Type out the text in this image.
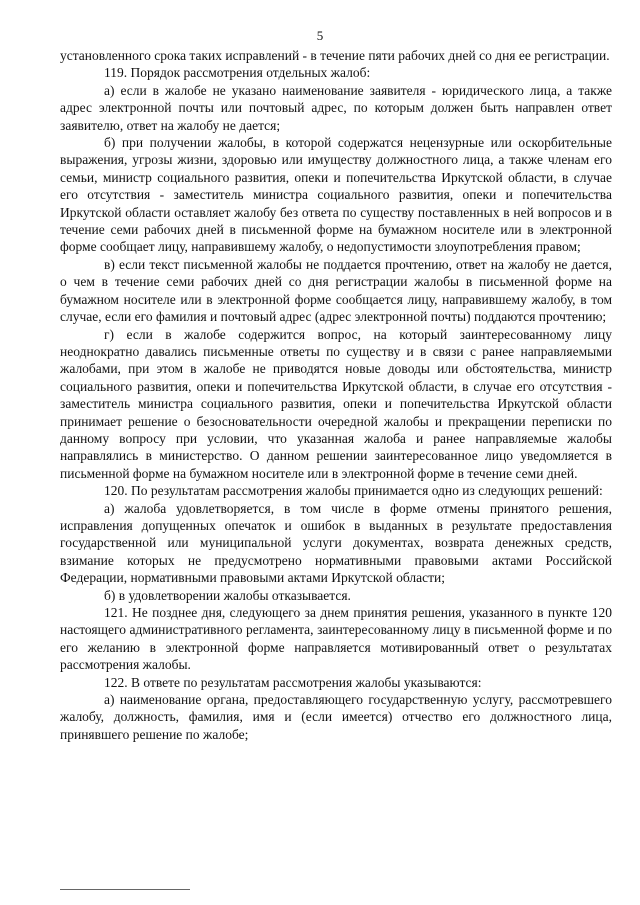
5

установленного срока таких исправлений - в течение пяти рабочих дней со дня ее регистрации.

119. Порядок рассмотрения отдельных жалоб:

а) если в жалобе не указано наименование заявителя - юридического лица, а также адрес электронной почты или почтовый адрес, по которым должен быть направлен ответ заявителю, ответ на жалобу не дается;

б) при получении жалобы, в которой содержатся нецензурные или оскорбительные выражения, угрозы жизни, здоровью или имуществу должностного лица, а также членам его семьи, министр социального развития, опеки и попечительства Иркутской области, в случае его отсутствия - заместитель министра социального развития, опеки и попечительства Иркутской области оставляет жалобу без ответа по существу поставленных в ней вопросов и в течение семи рабочих дней в письменной форме на бумажном носителе или в электронной форме сообщает лицу, направившему жалобу, о недопустимости злоупотребления правом;

в) если текст письменной жалобы не поддается прочтению, ответ на жалобу не дается, о чем в течение семи рабочих дней со дня регистрации жалобы в письменной форме на бумажном носителе или в электронной форме сообщается лицу, направившему жалобу, в том случае, если его фамилия и почтовый адрес (адрес электронной почты) поддаются прочтению;

г) если в жалобе содержится вопрос, на который заинтересованному лицу неоднократно давались письменные ответы по существу и в связи с ранее направляемыми жалобами, при этом в жалобе не приводятся новые доводы или обстоятельства, министр социального развития, опеки и попечительства Иркутской области, в случае его отсутствия - заместитель министра социального развития, опеки и попечительства Иркутской области принимает решение о безосновательности очередной жалобы и прекращении переписки по данному вопросу при условии, что указанная жалоба и ранее направляемые жалобы направлялись в министерство. О данном решении заинтересованное лицо уведомляется в письменной форме на бумажном носителе или в электронной форме в течение семи дней.

120. По результатам рассмотрения жалобы принимается одно из следующих решений:

а) жалоба удовлетворяется, в том числе в форме отмены принятого решения, исправления допущенных опечаток и ошибок в выданных в результате предоставления государственной или муниципальной услуги документах, возврата денежных средств, взимание которых не предусмотрено нормативными правовыми актами Российской Федерации, нормативными правовыми актами Иркутской области;

б) в удовлетворении жалобы отказывается.

121. Не позднее дня, следующего за днем принятия решения, указанного в пункте 120 настоящего административного регламента, заинтересованному лицу в письменной форме и по его желанию в электронной форме направляется мотивированный ответ о результатах рассмотрения жалобы.

122. В ответе по результатам рассмотрения жалобы указываются:

а) наименование органа, предоставляющего государственную услугу, рассмотревшего жалобу, должность, фамилия, имя и (если имеется) отчество его должностного лица, принявшего решение по жалобе;
